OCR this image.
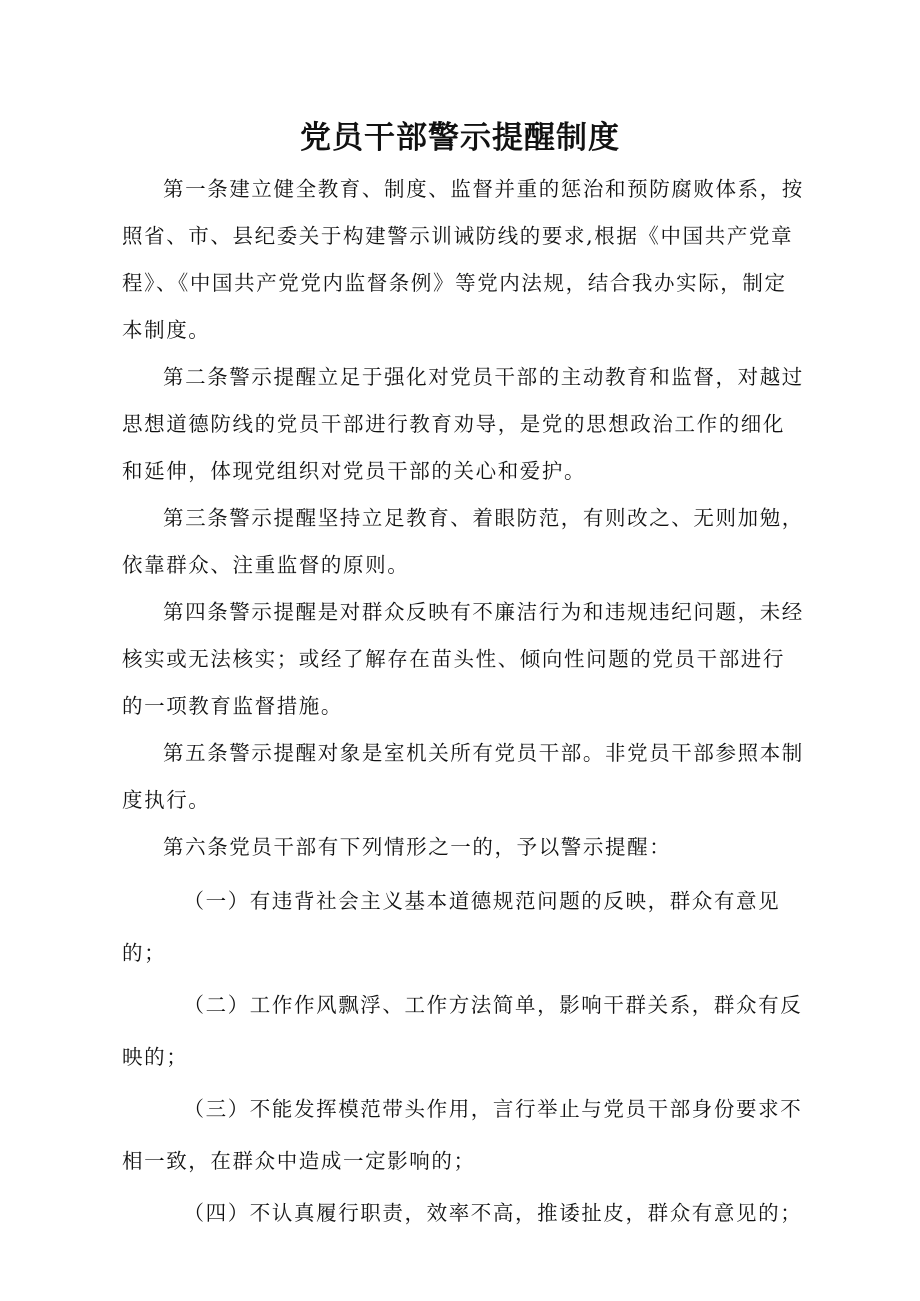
党员干部警示提醒制度

第一条建立健全教育、制度、监督并重的惩治和预防腐败体系，按照省、市、县纪委关于构建警示训诫防线的要求,根据《中国共产党章程》、《中国共产党党内监督条例》等党内法规，结合我办实际，制定本制度。

第二条警示提醒立足于强化对党员干部的主动教育和监督，对越过思想道德防线的党员干部进行教育劝导，是党的思想政治工作的细化和延伸，体现党组织对党员干部的关心和爱护。

第三条警示提醒坚持立足教育、着眼防范，有则改之、无则加勉，依靠群众、注重监督的原则。

第四条警示提醒是对群众反映有不廉洁行为和违规违纪问题，未经核实或无法核实；或经了解存在苗头性、倾向性问题的党员干部进行的一项教育监督措施。

第五条警示提醒对象是室机关所有党员干部。非党员干部参照本制度执行。

第六条党员干部有下列情形之一的，予以警示提醒：

（一）有违背社会主义基本道德规范问题的反映，群众有意见的；

（二）工作作风飘浮、工作方法简单，影响干群关系，群众有反映的；

（三）不能发挥模范带头作用，言行举止与党员干部身份要求不相一致，在群众中造成一定影响的；

（四）不认真履行职责，效率不高，推诿扯皮，群众有意见的；
